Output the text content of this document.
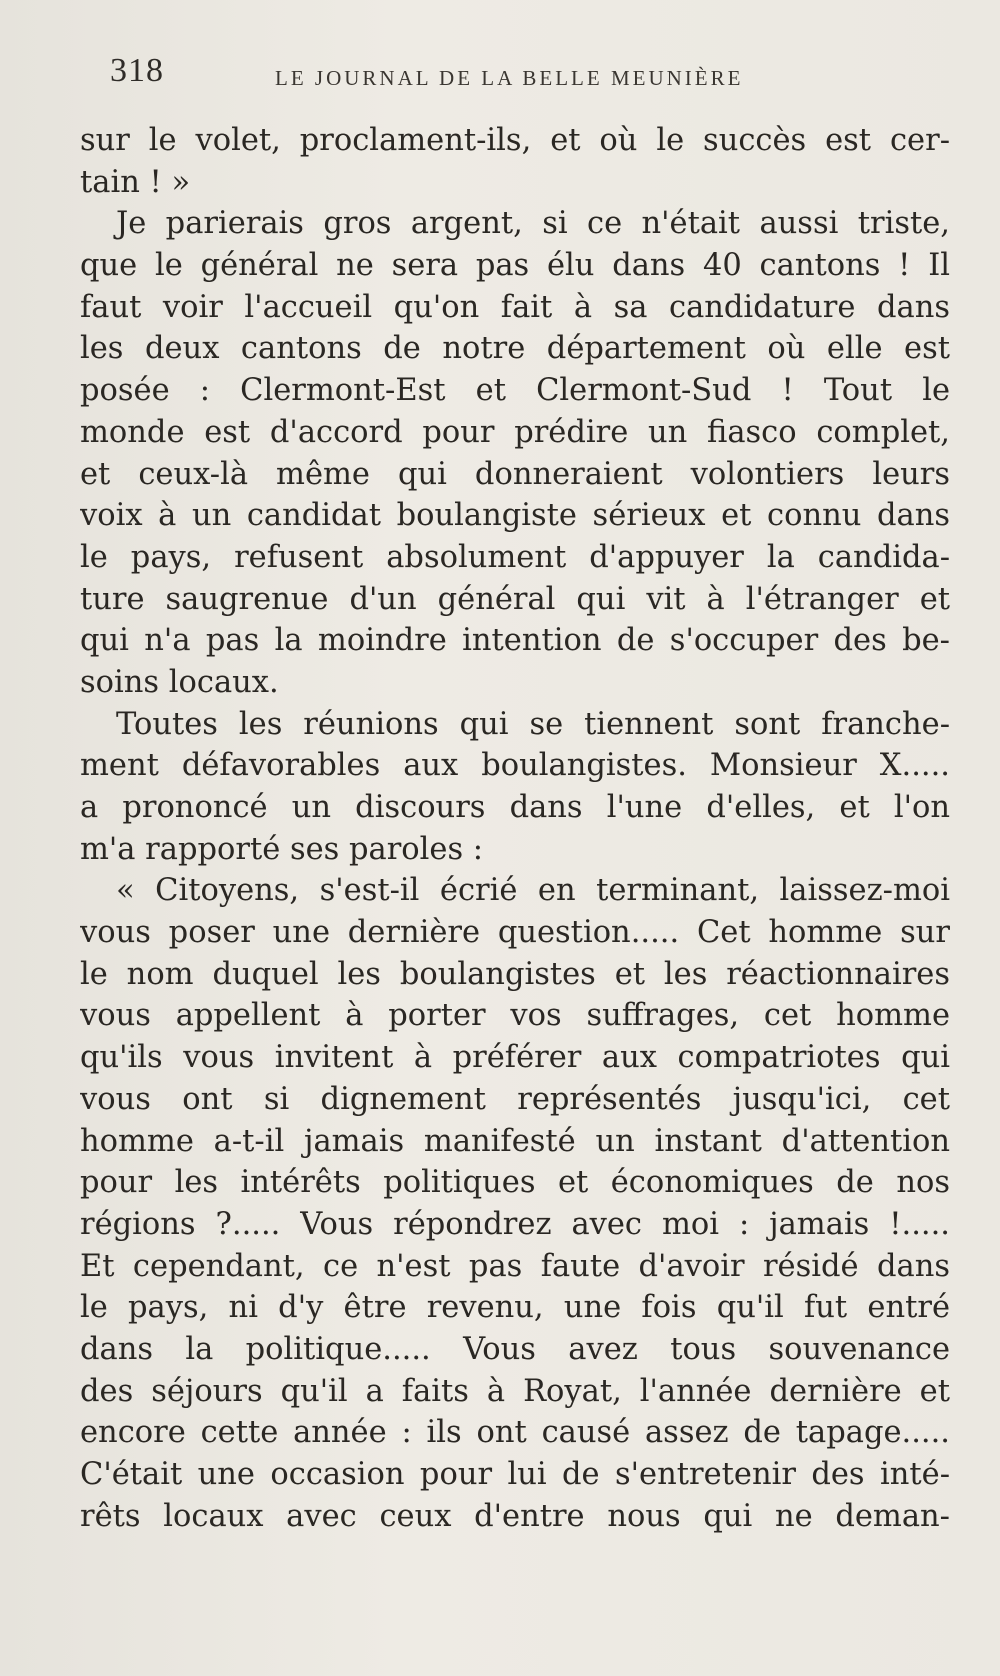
318	LE JOURNAL DE LA BELLE MEUNIÈRE
sur le volet, proclament-ils, et où le succès est cer-
tain ! »
Je parierais gros argent, si ce n'était aussi triste,
que le général ne sera pas élu dans 40 cantons ! Il
faut voir l'accueil qu'on fait à sa candidature dans
les deux cantons de notre département où elle est
posée : Clermont-Est et Clermont-Sud ! Tout le
monde est d'accord pour prédire un fiasco complet,
et ceux-là même qui donneraient volontiers leurs
voix à un candidat boulangiste sérieux et connu dans
le pays, refusent absolument d'appuyer la candida-
ture saugrenue d'un général qui vit à l'étranger et
qui n'a pas la moindre intention de s'occuper des be-
soins locaux.
Toutes les réunions qui se tiennent sont franche-
ment défavorables aux boulangistes. Monsieur X.....
a prononcé un discours dans l'une d'elles, et l'on
m'a rapporté ses paroles :
« Citoyens, s'est-il écrié en terminant, laissez-moi
vous poser une dernière question..... Cet homme sur
le nom duquel les boulangistes et les réactionnaires
vous appellent à porter vos suffrages, cet homme
qu'ils vous invitent à préférer aux compatriotes qui
vous ont si dignement représentés jusqu'ici, cet
homme a-t-il jamais manifesté un instant d'attention
pour les intérêts politiques et économiques de nos
régions ?..... Vous répondrez avec moi : jamais !.....
Et cependant, ce n'est pas faute d'avoir résidé dans
le pays, ni d'y être revenu, une fois qu'il fut entré
dans la politique..... Vous avez tous souvenance
des séjours qu'il a faits à Royat, l'année dernière et
encore cette année : ils ont causé assez de tapage.....
C'était une occasion pour lui de s'entretenir des inté-
rêts locaux avec ceux d'entre nous qui ne deman-
